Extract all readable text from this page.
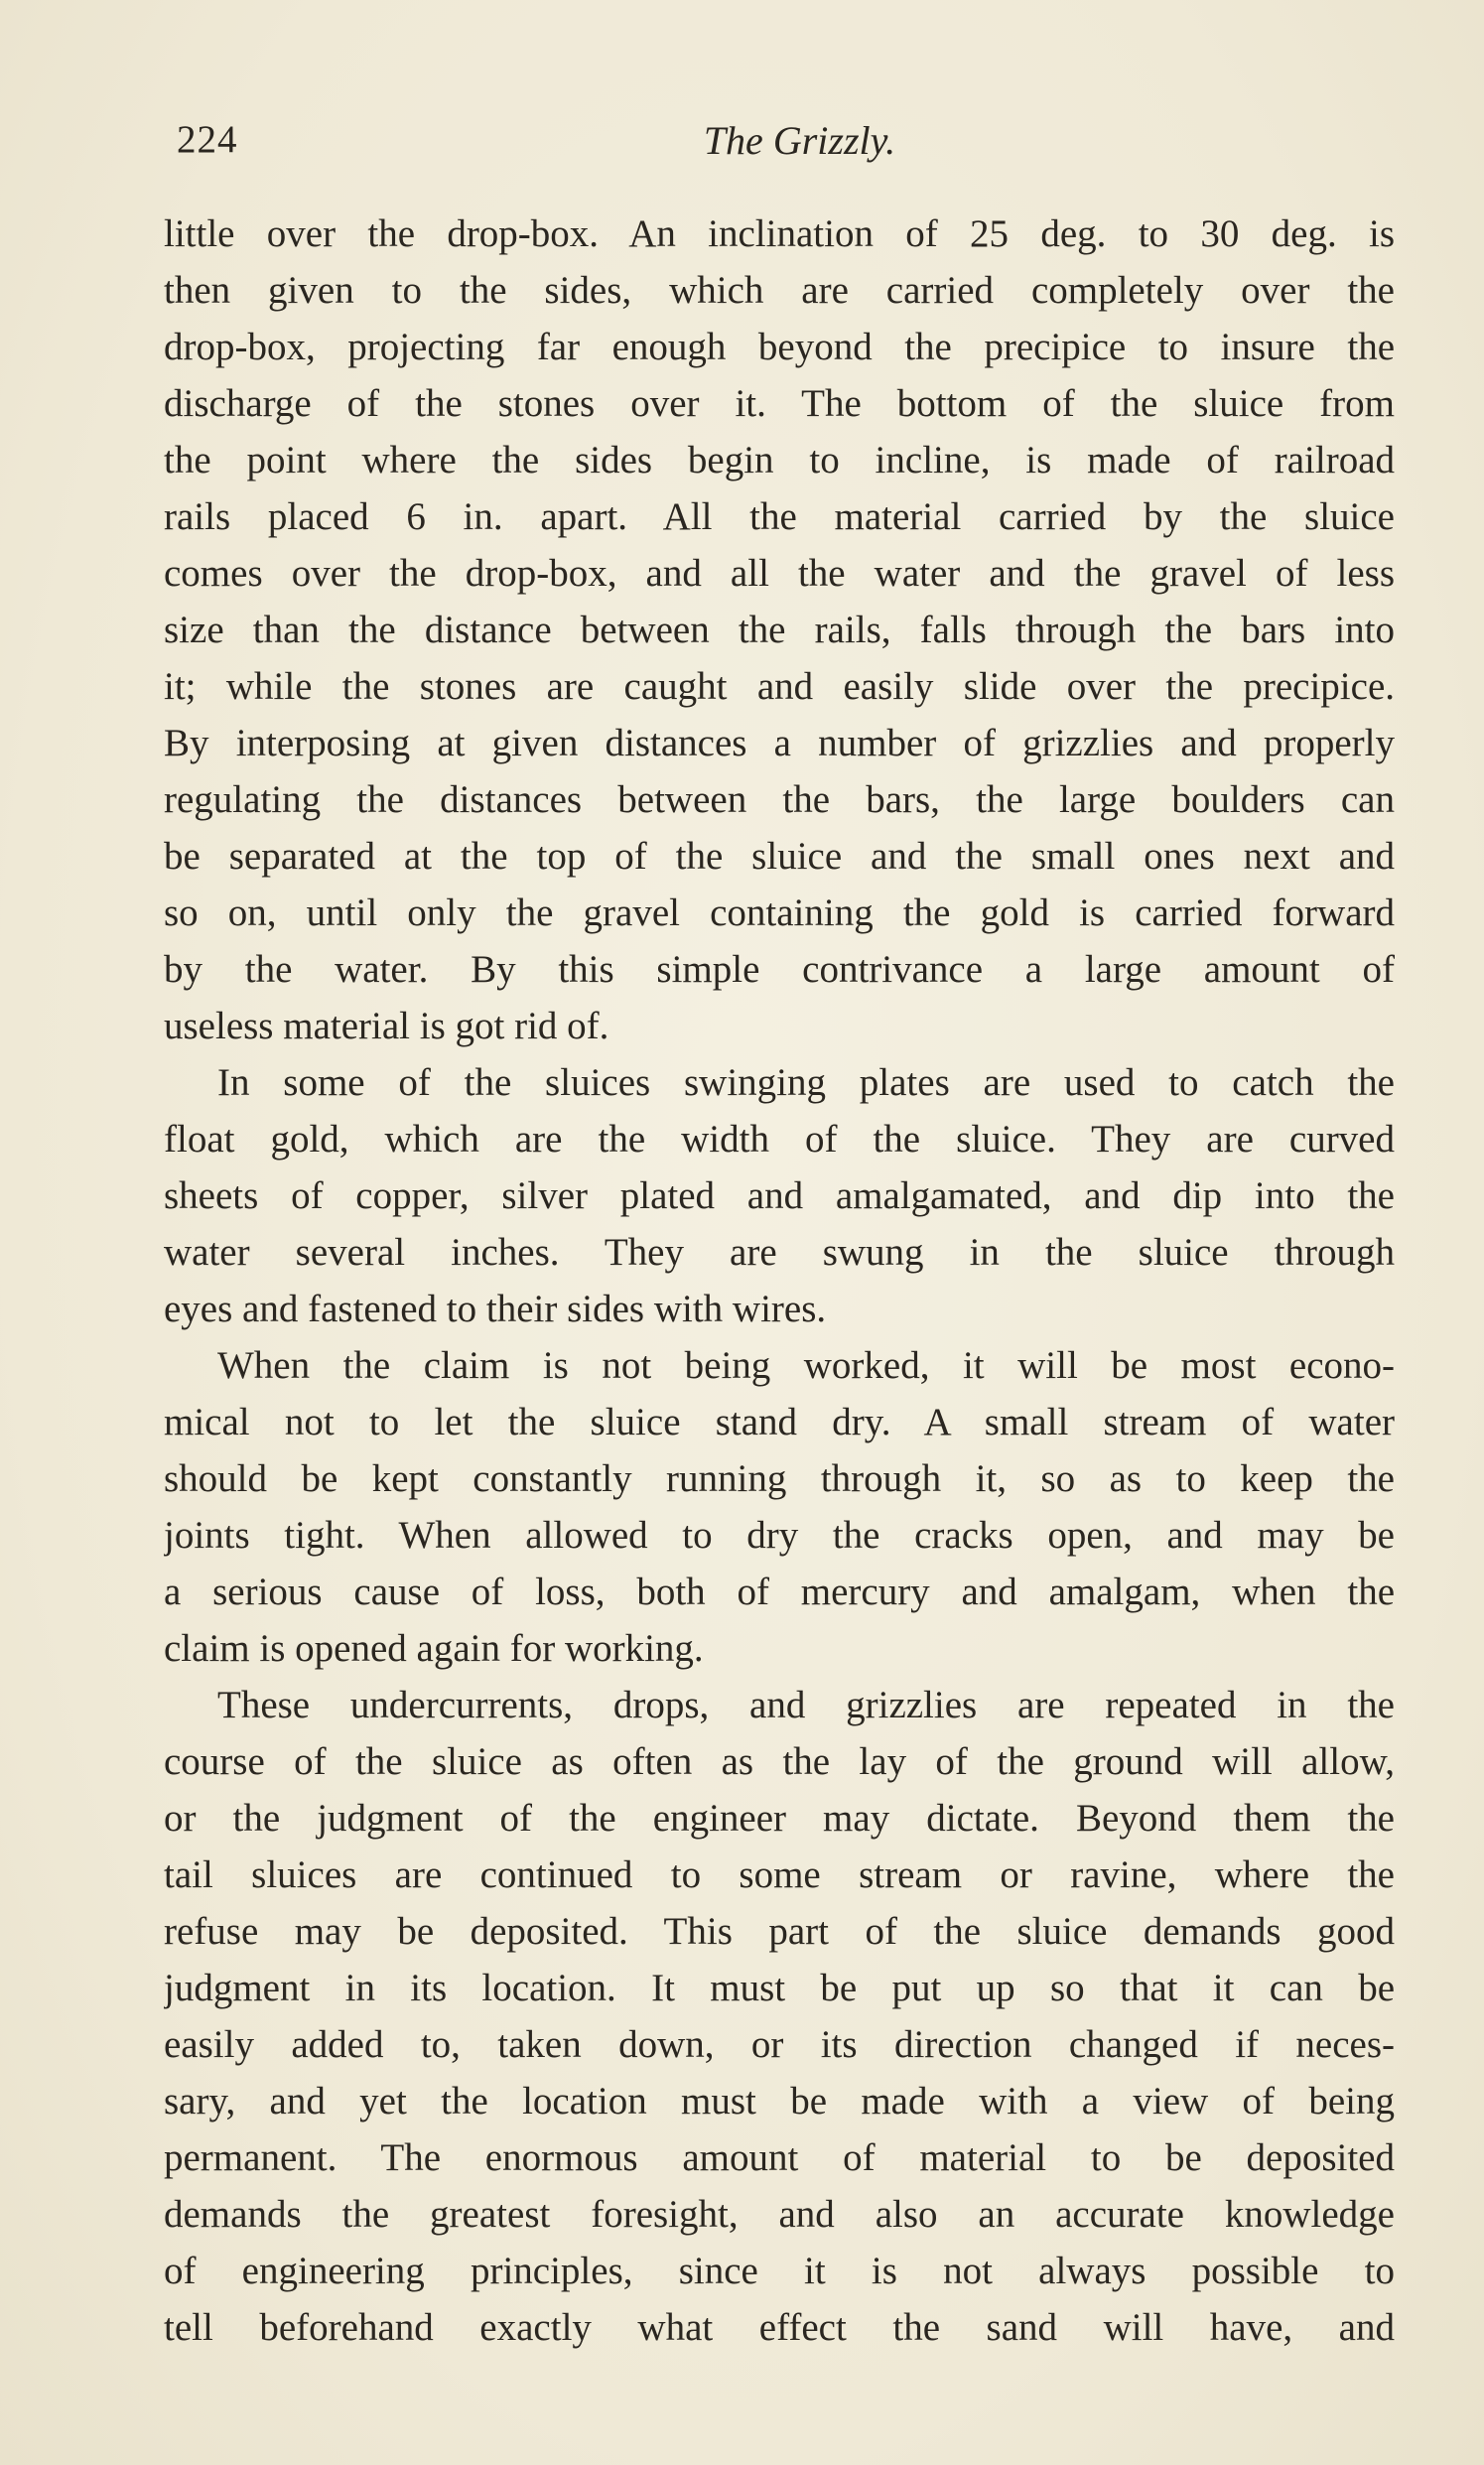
224	The Grizzly.
little over the drop-box. An inclination of 25 deg. to 30 deg. is
then given to the sides, which are carried completely over the
drop-box, projecting far enough beyond the precipice to insure the
discharge of the stones over it. The bottom of the sluice from
the point where the sides begin to incline, is made of railroad
rails placed 6 in. apart. All the material carried by the sluice
comes over the drop-box, and all the water and the gravel of less
size than the distance between the rails, falls through the bars into
it; while the stones are caught and easily slide over the precipice.
By interposing at given distances a number of grizzlies and properly
regulating the distances between the bars, the large boulders can
be separated at the top of the sluice and the small ones next and
so on, until only the gravel containing the gold is carried forward
by the water. By this simple contrivance a large amount of
useless material is got rid of.
In some of the sluices swinging plates are used to catch the
float gold, which are the width of the sluice. They are curved
sheets of copper, silver plated and amalgamated, and dip into the
water several inches. They are swung in the sluice through
eyes and fastened to their sides with wires.
When the claim is not being worked, it will be most econo-
mical not to let the sluice stand dry. A small stream of water
should be kept constantly running through it, so as to keep the
joints tight. When allowed to dry the cracks open, and may be
a serious cause of loss, both of mercury and amalgam, when the
claim is opened again for working.
These undercurrents, drops, and grizzlies are repeated in the
course of the sluice as often as the lay of the ground will allow,
or the judgment of the engineer may dictate. Beyond them the
tail sluices are continued to some stream or ravine, where the
refuse may be deposited. This part of the sluice demands good
judgment in its location. It must be put up so that it can be
easily added to, taken down, or its direction changed if neces-
sary, and yet the location must be made with a view of being
permanent. The enormous amount of material to be deposited
demands the greatest foresight, and also an accurate knowledge
of engineering principles, since it is not always possible to
tell beforehand exactly what effect the sand will have, and
